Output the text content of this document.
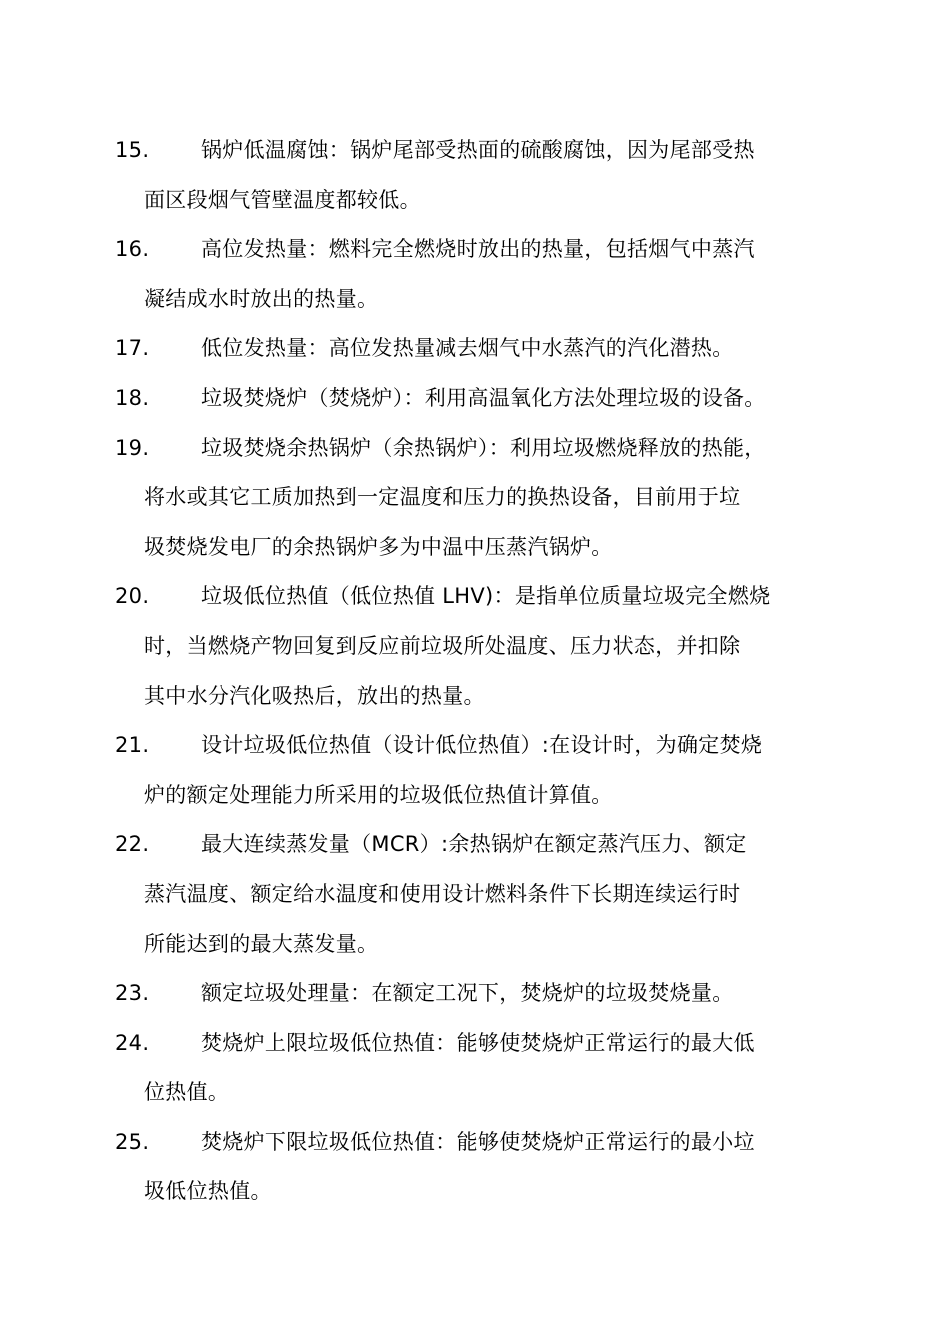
15. 锅炉低温腐蚀：锅炉尾部受热面的硫酸腐蚀，因为尾部受热
面区段烟气管壁温度都较低。
16. 高位发热量：燃料完全燃烧时放出的热量，包括烟气中蒸汽
凝结成水时放出的热量。
17. 低位发热量：高位发热量减去烟气中水蒸汽的汽化潜热。
18. 垃圾焚烧炉（焚烧炉）：利用高温氧化方法处理垃圾的设备。
19. 垃圾焚烧余热锅炉（余热锅炉）：利用垃圾燃烧释放的热能，
将水或其它工质加热到一定温度和压力的换热设备，目前用于垃
圾焚烧发电厂的余热锅炉多为中温中压蒸汽锅炉。
20. 垃圾低位热值（低位热值 LHV)：是指单位质量垃圾完全燃烧
时，当燃烧产物回复到反应前垃圾所处温度、压力状态，并扣除
其中水分汽化吸热后，放出的热量。
21. 设计垃圾低位热值（设计低位热值）:在设计时，为确定焚烧
炉的额定处理能力所采用的垃圾低位热值计算值。
22. 最大连续蒸发量（MCR）:余热锅炉在额定蒸汽压力、额定
蒸汽温度、额定给水温度和使用设计燃料条件下长期连续运行时
所能达到的最大蒸发量。
23. 额定垃圾处理量：在额定工况下，焚烧炉的垃圾焚烧量。
24. 焚烧炉上限垃圾低位热值：能够使焚烧炉正常运行的最大低
位热值。
25. 焚烧炉下限垃圾低位热值：能够使焚烧炉正常运行的最小垃
圾低位热值。
